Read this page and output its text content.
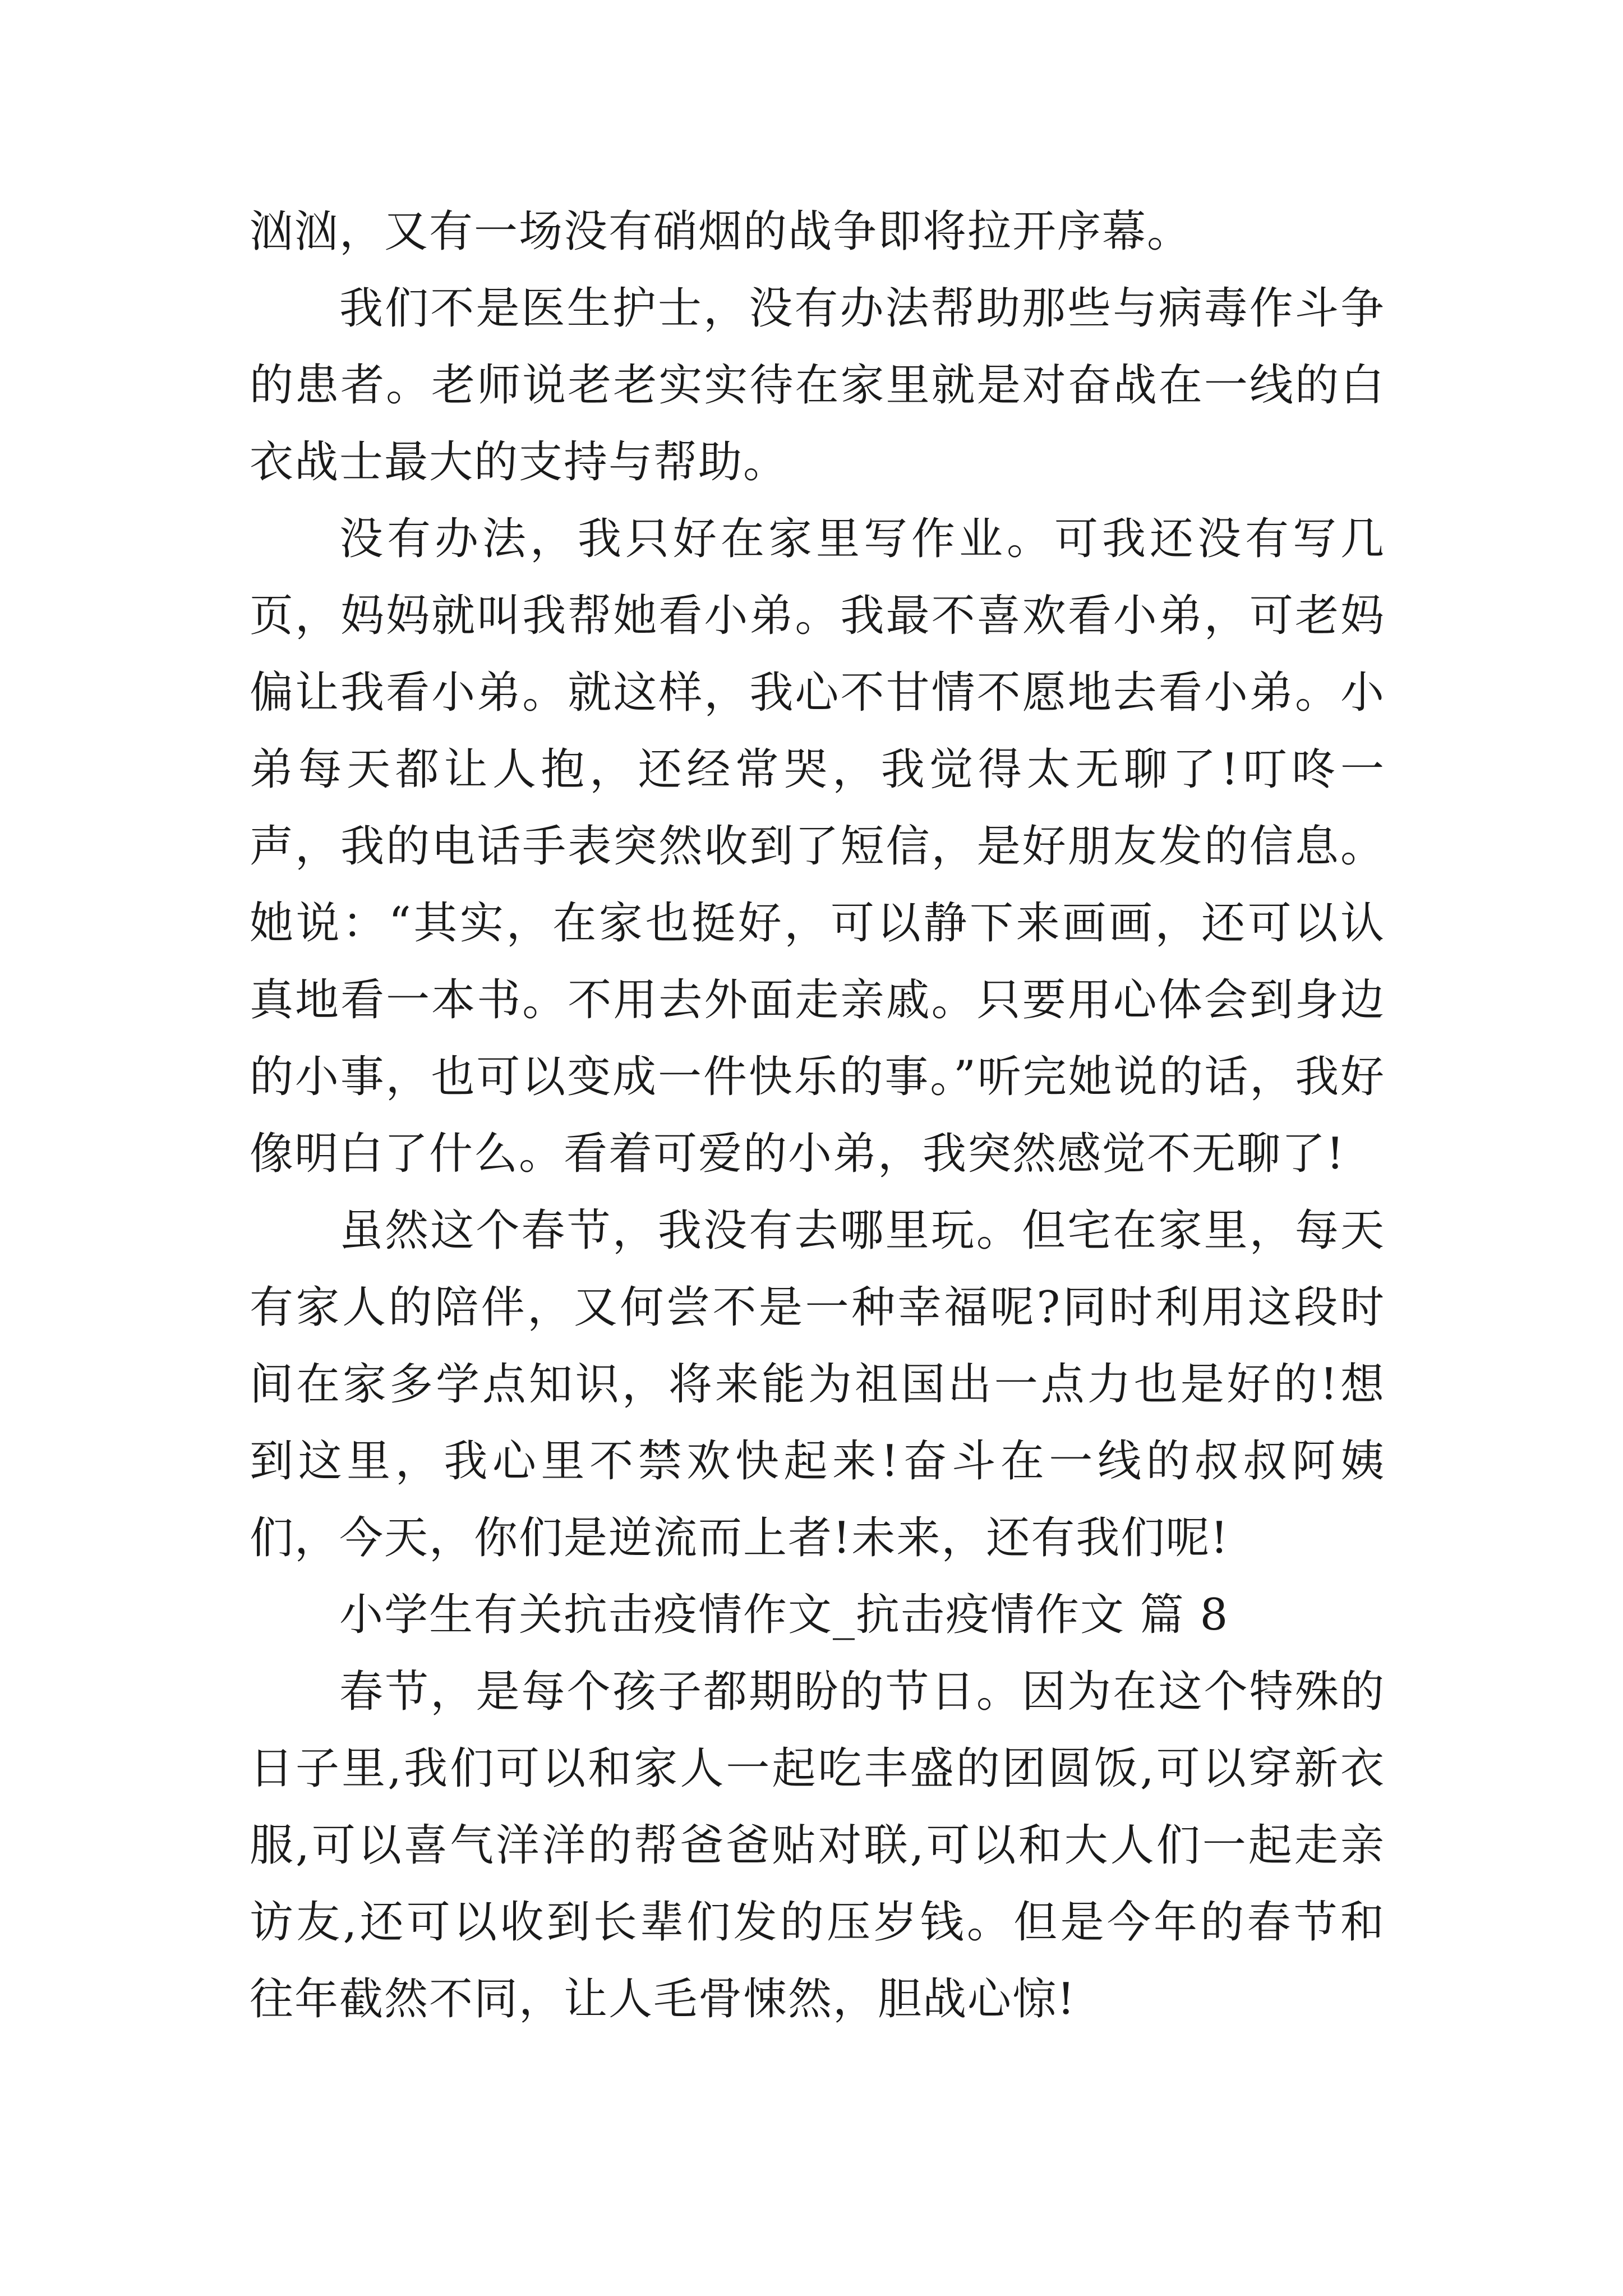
汹汹，又有一场没有硝烟的战争即将拉开序幕。

我们不是医生护士，没有办法帮助那些与病毒作斗争的患者。老师说老老实实待在家里就是对奋战在一线的白衣战士最大的支持与帮助。

没有办法，我只好在家里写作业。可我还没有写几页，妈妈就叫我帮她看小弟。我最不喜欢看小弟，可老妈偏让我看小弟。就这样，我心不甘情不愿地去看小弟。小弟每天都让人抱，还经常哭，我觉得太无聊了!叮咚一声，我的电话手表突然收到了短信，是好朋友发的信息。她说：“其实，在家也挺好，可以静下来画画，还可以认真地看一本书。不用去外面走亲戚。只要用心体会到身边的小事，也可以变成一件快乐的事。”听完她说的话，我好像明白了什么。看着可爱的小弟，我突然感觉不无聊了!

虽然这个春节，我没有去哪里玩。但宅在家里，每天有家人的陪伴，又何尝不是一种幸福呢?同时利用这段时间在家多学点知识，将来能为祖国出一点力也是好的!想到这里，我心里不禁欢快起来!奋斗在一线的叔叔阿姨们，今天，你们是逆流而上者!未来，还有我们呢!

小学生有关抗击疫情作文_抗击疫情作文 篇 8

春节，是每个孩子都期盼的节日。因为在这个特殊的日子里,我们可以和家人一起吃丰盛的团圆饭,可以穿新衣服,可以喜气洋洋的帮爸爸贴对联,可以和大人们一起走亲访友,还可以收到长辈们发的压岁钱。但是今年的春节和往年截然不同，让人毛骨悚然，胆战心惊!
